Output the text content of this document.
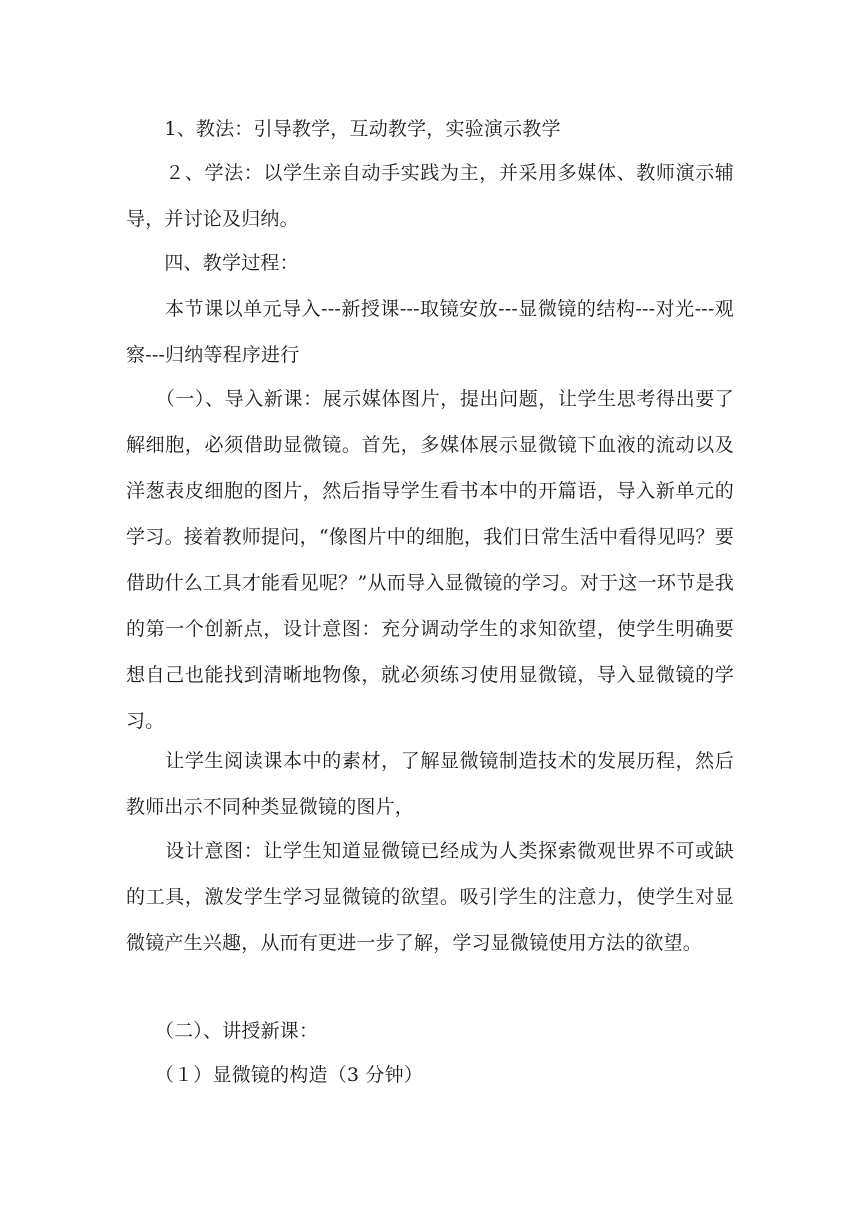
　　1、教法：引导教学，互动教学，实验演示教学

　　２、学法：以学生亲自动手实践为主，并采用多媒体、教师演示辅导，并讨论及归纳。

　　四、教学过程：

　　本节课以单元导入---新授课---取镜安放---显微镜的结构---对光---观察---归纳等程序进行

　　（一）、导入新课：展示媒体图片，提出问题，让学生思考得出要了解细胞，必须借助显微镜。首先，多媒体展示显微镜下血液的流动以及洋葱表皮细胞的图片，然后指导学生看书本中的开篇语，导入新单元的学习。接着教师提问，“像图片中的细胞，我们日常生活中看得见吗？要借助什么工具才能看见呢？”从而导入显微镜的学习。对于这一环节是我的第一个创新点，设计意图：充分调动学生的求知欲望，使学生明确要想自己也能找到清晰地物像，就必须练习使用显微镜，导入显微镜的学习。

　　让学生阅读课本中的素材，了解显微镜制造技术的发展历程，然后教师出示不同种类显微镜的图片，

　　设计意图：让学生知道显微镜已经成为人类探索微观世界不可或缺的工具，激发学生学习显微镜的欲望。吸引学生的注意力，使学生对显微镜产生兴趣，从而有更进一步了解，学习显微镜使用方法的欲望。

　　（二）、讲授新课：

　　（１）显微镜的构造（3 分钟）
